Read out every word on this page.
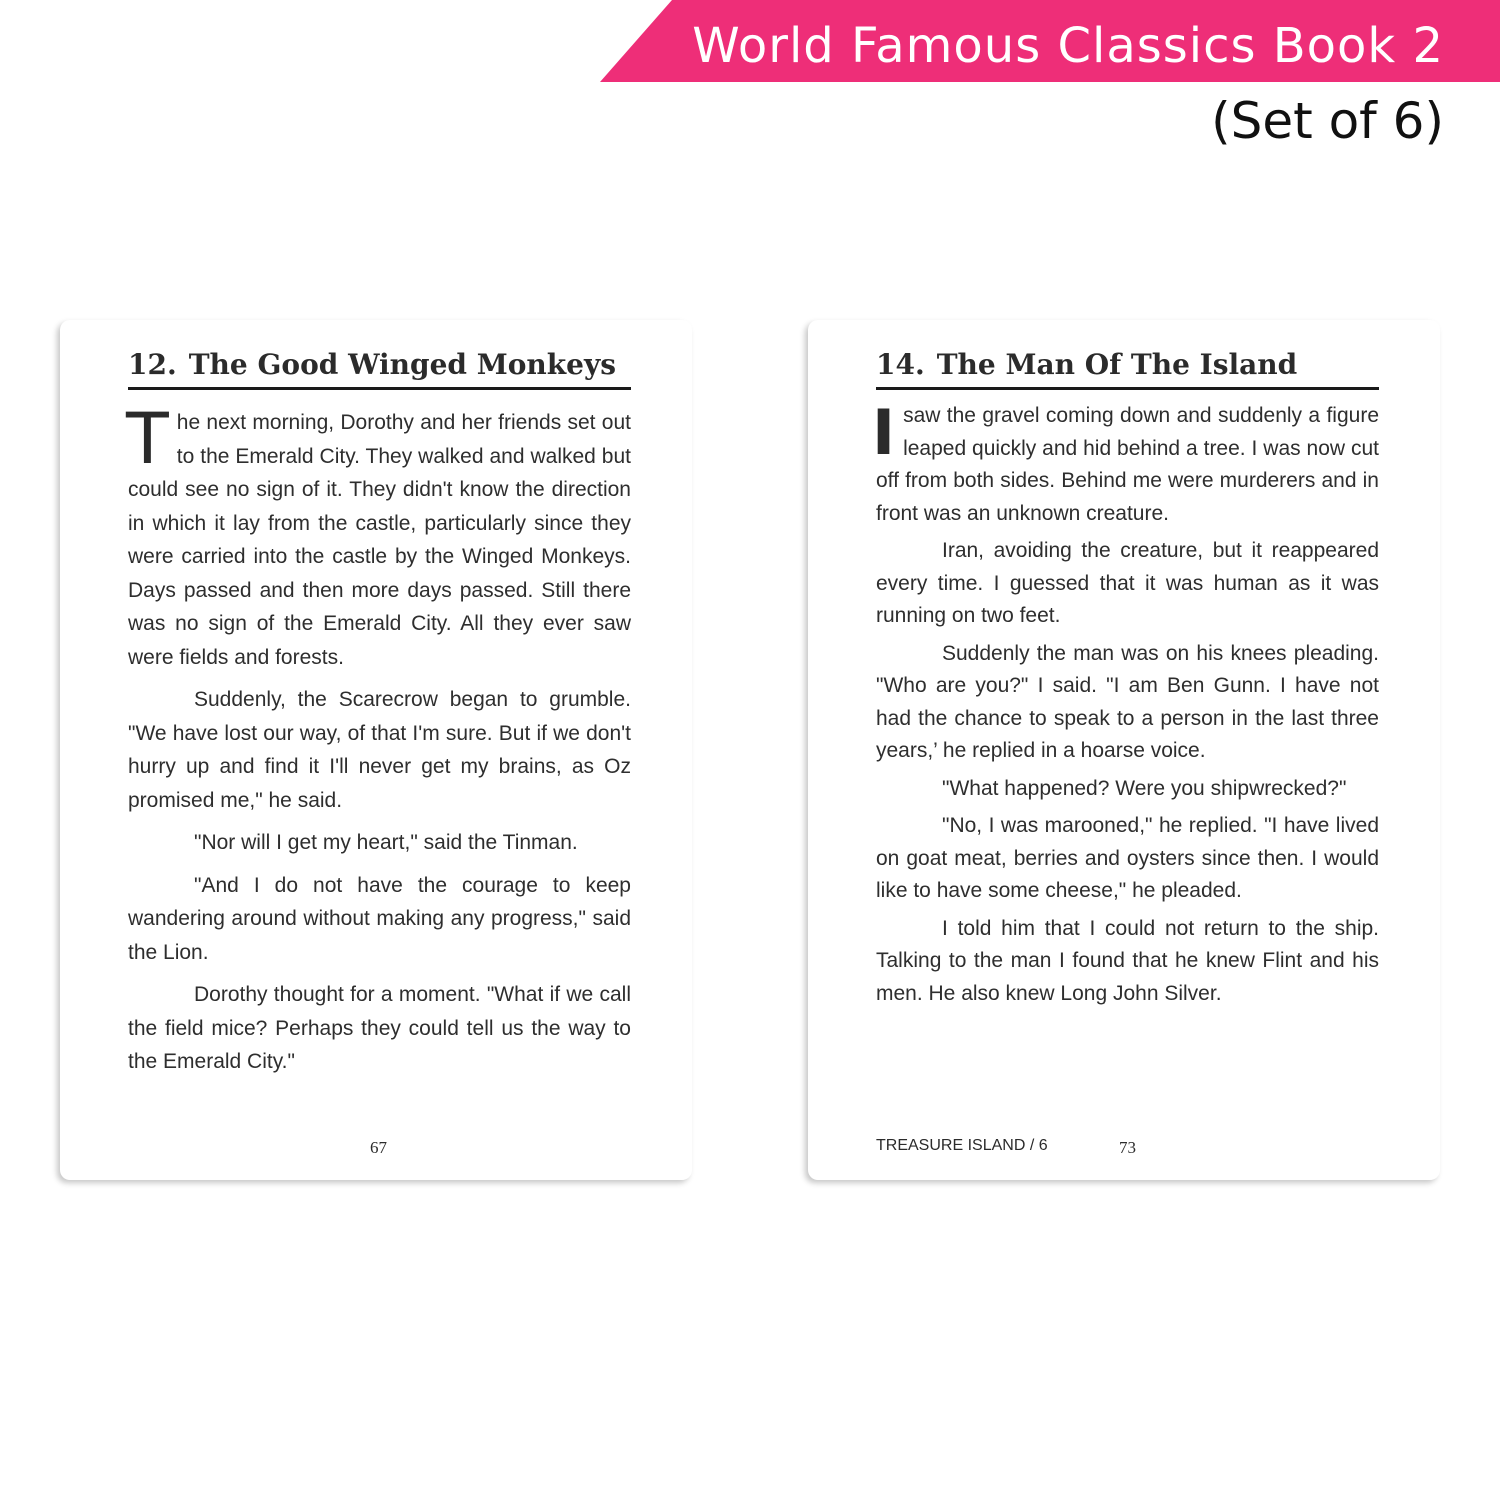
World Famous Classics Book 2
(Set of 6)
12. The Good Winged Monkeys

The next morning, Dorothy and her friends set out to the Emerald City. They walked and walked but could see no sign of it. They didn't know the direction in which it lay from the castle, particularly since they were carried into the castle by the Winged Monkeys. Days passed and then more days passed. Still there was no sign of the Emerald City. All they ever saw were fields and forests.

Suddenly, the Scarecrow began to grumble. "We have lost our way, of that I'm sure. But if we don't hurry up and find it I'll never get my brains, as Oz promised me," he said.

"Nor will I get my heart," said the Tinman.

"And I do not have the courage to keep wandering around without making any progress," said the Lion.

Dorothy thought for a moment. "What if we call the field mice? Perhaps they could tell us the way to the Emerald City."

67
14. The Man Of The Island

Isaw the gravel coming down and suddenly a figure leaped quickly and hid behind a tree. I was now cut off from both sides. Behind me were murderers and in front was an unknown creature.

Iran, avoiding the creature, but it reappeared every time. I guessed that it was human as it was running on two feet.

Suddenly the man was on his knees pleading. "Who are you?" I said. "I am Ben Gunn. I have not had the chance to speak to a person in the last three years,’ he replied in a hoarse voice.

"What happened? Were you shipwrecked?"

"No, I was marooned," he replied. "I have lived on goat meat, berries and oysters since then. I would like to have some cheese," he pleaded.

I told him that I could not return to the ship. Talking to the man I found that he knew Flint and his men. He also knew Long John Silver.

TREASURE ISLAND / 6	73
